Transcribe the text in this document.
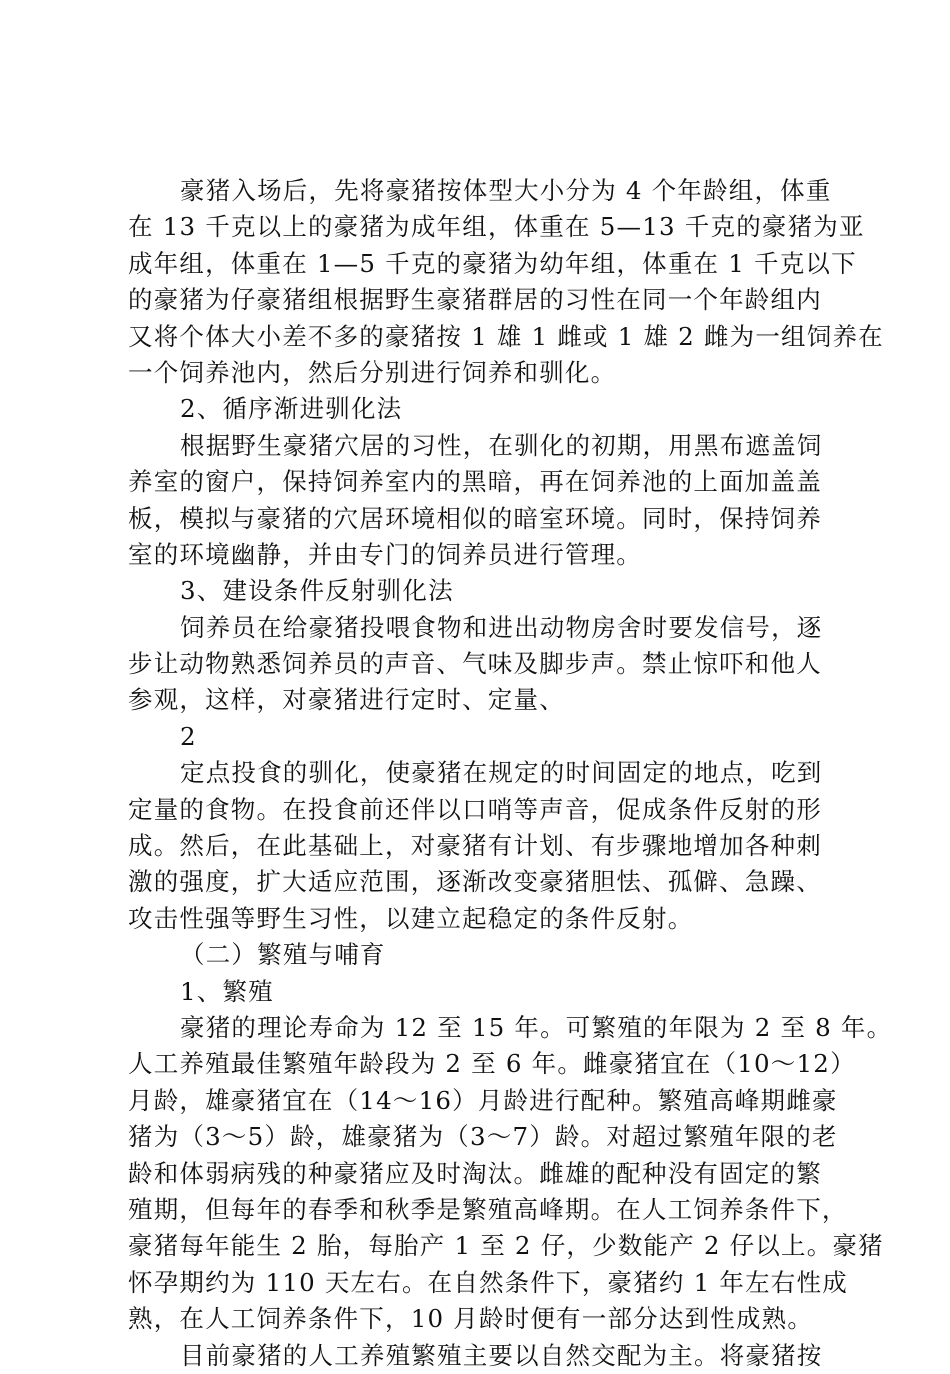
豪猪入场后，先将豪猪按体型大小分为 4 个年龄组，体重
在 13 千克以上的豪猪为成年组，体重在 5—13 千克的豪猪为亚
成年组，体重在 1—5 千克的豪猪为幼年组，体重在 1 千克以下
的豪猪为仔豪猪组根据野生豪猪群居的习性在同一个年龄组内
又将个体大小差不多的豪猪按 1 雄 1 雌或 1 雄 2 雌为一组饲养在
一个饲养池内，然后分别进行饲养和驯化。
2、循序渐进驯化法
根据野生豪猪穴居的习性，在驯化的初期，用黑布遮盖饲
养室的窗户，保持饲养室内的黑暗，再在饲养池的上面加盖盖
板，模拟与豪猪的穴居环境相似的暗室环境。同时，保持饲养
室的环境幽静，并由专门的饲养员进行管理。
3、建设条件反射驯化法
饲养员在给豪猪投喂食物和进出动物房舍时要发信号，逐
步让动物熟悉饲养员的声音、气味及脚步声。禁止惊吓和他人
参观，这样，对豪猪进行定时、定量、
2
定点投食的驯化，使豪猪在规定的时间固定的地点，吃到
定量的食物。在投食前还伴以口哨等声音，促成条件反射的形
成。然后，在此基础上，对豪猪有计划、有步骤地增加各种刺
激的强度，扩大适应范围，逐渐改变豪猪胆怯、孤僻、急躁、
攻击性强等野生习性，以建立起稳定的条件反射。
（二）繁殖与哺育
1、繁殖
豪猪的理论寿命为 12 至 15 年。可繁殖的年限为 2 至 8 年。
人工养殖最佳繁殖年龄段为 2 至 6 年。雌豪猪宜在（10～12）
月龄，雄豪猪宜在（14～16）月龄进行配种。繁殖高峰期雌豪
猪为（3～5）龄，雄豪猪为（3～7）龄。对超过繁殖年限的老
龄和体弱病残的种豪猪应及时淘汰。雌雄的配种没有固定的繁
殖期，但每年的春季和秋季是繁殖高峰期。在人工饲养条件下，
豪猪每年能生 2 胎，每胎产 1 至 2 仔，少数能产 2 仔以上。豪猪
怀孕期约为 110 天左右。在自然条件下，豪猪约 1 年左右性成
熟，在人工饲养条件下，10 月龄时便有一部分达到性成熟。
目前豪猪的人工养殖繁殖主要以自然交配为主。将豪猪按
